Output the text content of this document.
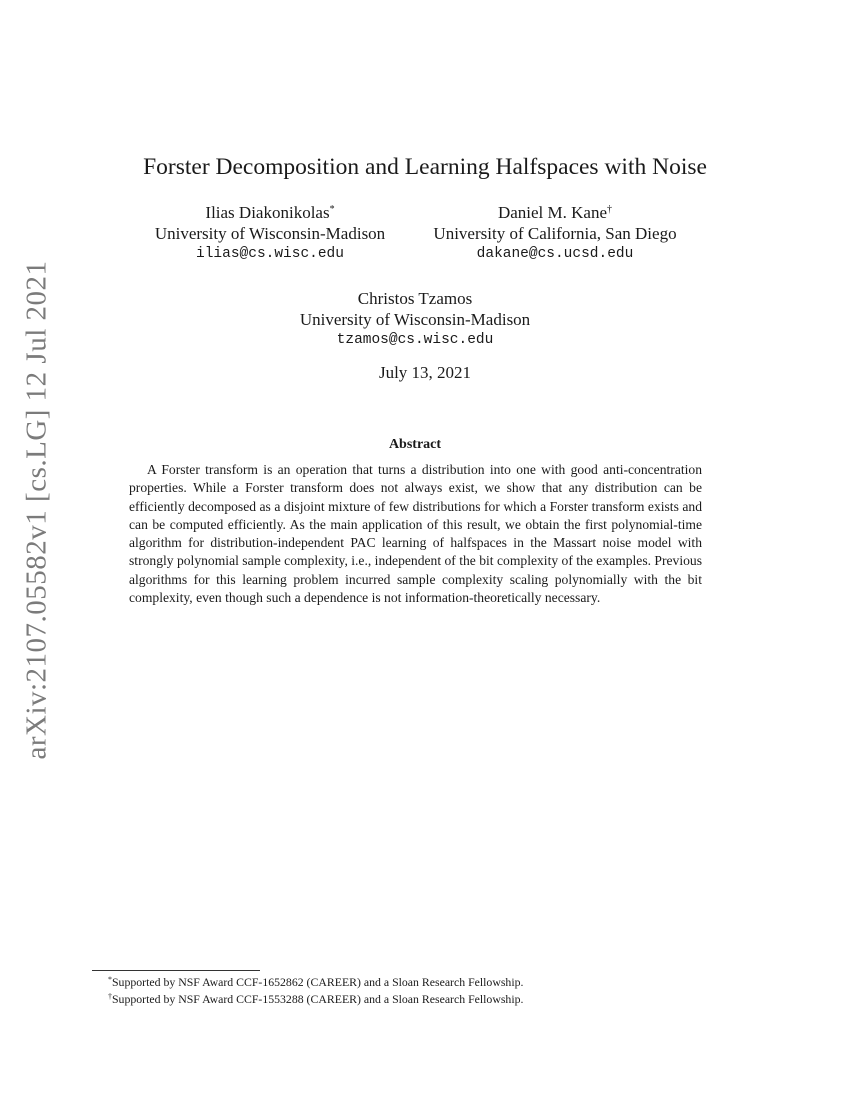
arXiv:2107.05582v1 [cs.LG] 12 Jul 2021
Forster Decomposition and Learning Halfspaces with Noise
Ilias Diakonikolas*
University of Wisconsin-Madison
ilias@cs.wisc.edu
Daniel M. Kane†
University of California, San Diego
dakane@cs.ucsd.edu
Christos Tzamos
University of Wisconsin-Madison
tzamos@cs.wisc.edu
July 13, 2021
Abstract
A Forster transform is an operation that turns a distribution into one with good anti-concentration properties. While a Forster transform does not always exist, we show that any distribution can be efficiently decomposed as a disjoint mixture of few distributions for which a Forster transform exists and can be computed efficiently. As the main application of this result, we obtain the first polynomial-time algorithm for distribution-independent PAC learning of halfspaces in the Massart noise model with strongly polynomial sample complexity, i.e., independent of the bit complexity of the examples. Previous algorithms for this learning problem incurred sample complexity scaling polynomially with the bit complexity, even though such a dependence is not information-theoretically necessary.
*Supported by NSF Award CCF-1652862 (CAREER) and a Sloan Research Fellowship.
†Supported by NSF Award CCF-1553288 (CAREER) and a Sloan Research Fellowship.
